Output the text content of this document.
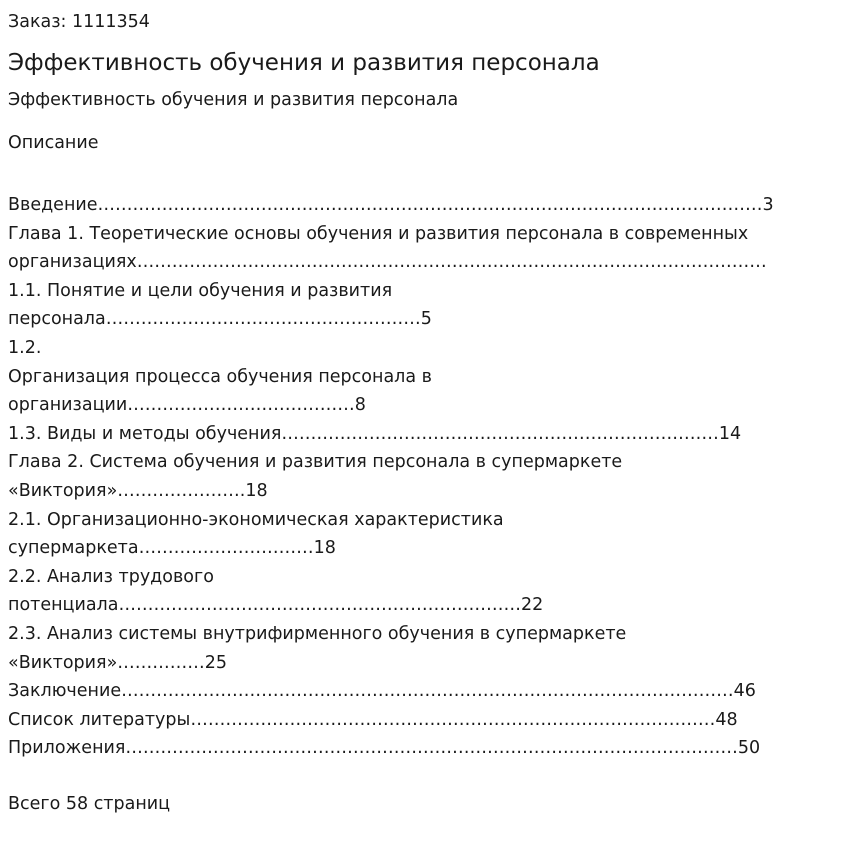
Заказ: 1111354
Эффективность обучения и развития персонала
Эффективность обучения и развития персонала
Описание
Введение……………………………………………………………………………………………………3
Глава 1. Теоретические основы обучения и развития персонала в современных
организациях………………………………………………………………………………………………
1.1. Понятие и цели обучения и развития
персонала………………………………………………5
1.2.
Организация процесса обучения персонала в
организации…………………………………8
1.3. Виды и методы обучения…………………………………………………………………14
Глава 2. Система обучения и развития персонала в супермаркете
«Виктория»………………….18
2.1. Организационно-экономическая характеристика
супермаркета…………………………18
2.2. Анализ трудового
потенциала……………………………………………………………22
2.3. Анализ системы внутрифирменного обучения в супермаркете
«Виктория»……………25
Заключение……………………………………………………………………………………………46
Список литературы………………………………………………………………………………48
Приложения……………………………………………………………………………………………50
Всего 58 страниц
